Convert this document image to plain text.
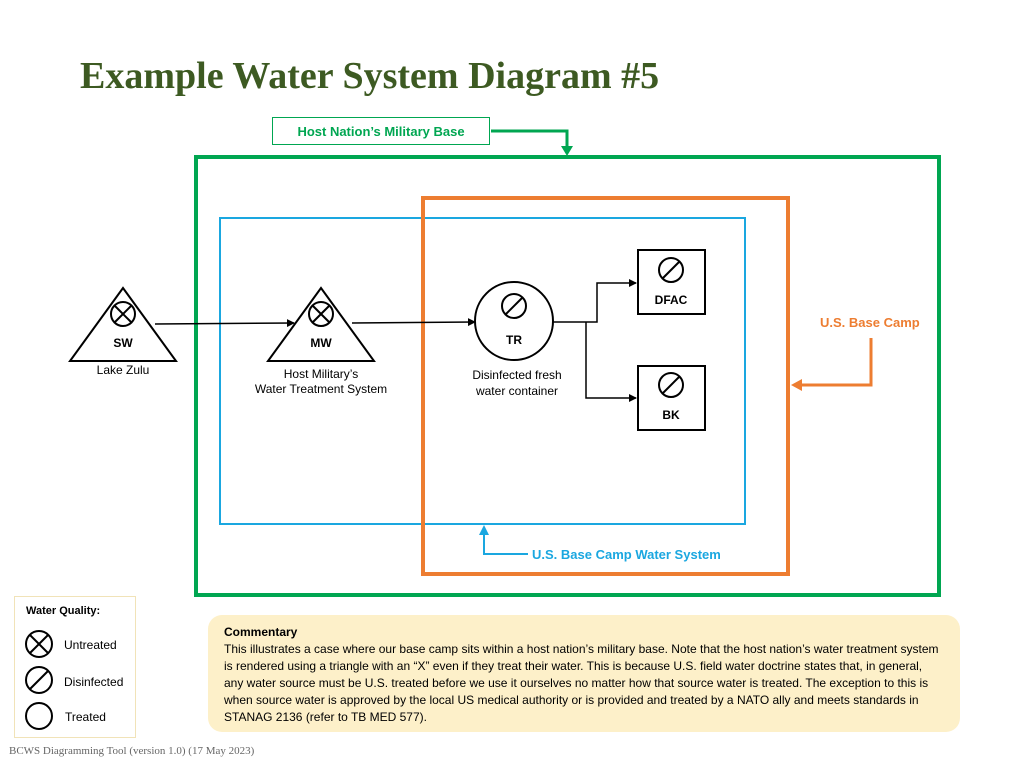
Example Water System Diagram #5
SW	MW	TR
DFAC
BK
Host Nation’s Military Base
U.S. Base Camp
U.S. Base Camp Water System
Lake Zulu	Host Military’s
Water Treatment System
Disinfected fresh
water container
Water Quality:
Untreated
Disinfected
Treated
Commentary
This illustrates a case where our base camp sits within a host nation’s military base. Note that the host nation’s water treatment system is rendered using a triangle with an “X” even if they treat their water. This is because U.S. field water doctrine states that, in general, any water source must be U.S. treated before we use it ourselves no matter how that source water is treated. The exception to this is when source water is approved by the local US medical authority or is provided and treated by a NATO ally and meets standards in STANAG 2136 (refer to TB MED 577).
BCWS Diagramming Tool (version 1.0) (17 May 2023)
